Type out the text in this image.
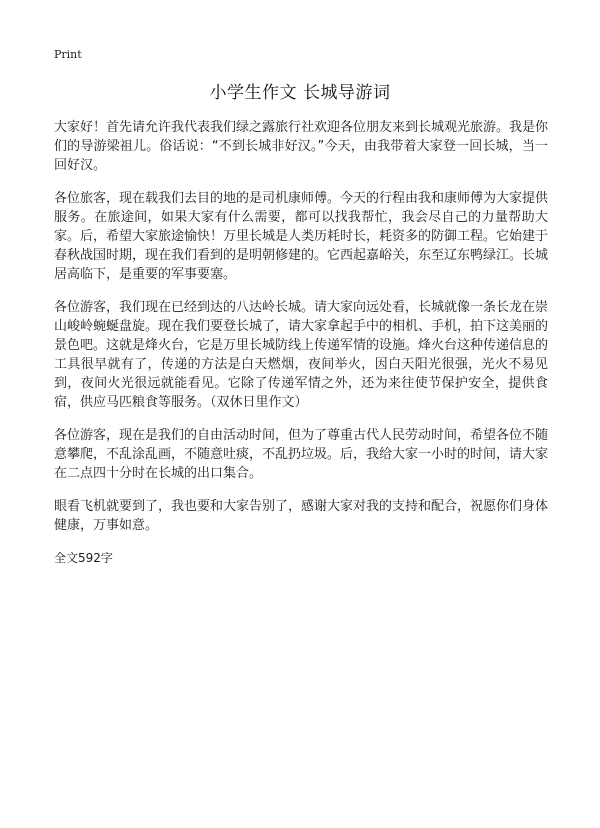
Print
小学生作文 长城导游词

大家好！首先请允许我代表我们绿之露旅行社欢迎各位朋友来到长城观光旅游。我是你们的导游梁祖儿。俗话说：“不到长城非好汉。”今天，由我带着大家登一回长城，当一回好汉。

各位旅客，现在载我们去目的地的是司机康师傅。今天的行程由我和康师傅为大家提供服务。在旅途间，如果大家有什么需要，都可以找我帮忙，我会尽自己的力量帮助大家。后，希望大家旅途愉快！万里长城是人类历耗时长，耗资多的防御工程。它始建于春秋战国时期，现在我们看到的是明朝修建的。它西起嘉峪关，东至辽东鸭绿江。长城居高临下，是重要的军事要塞。

各位游客，我们现在已经到达的八达岭长城。请大家向远处看，长城就像一条长龙在崇山峻岭蜿蜒盘旋。现在我们要登长城了，请大家拿起手中的相机、手机，拍下这美丽的景色吧。这就是烽火台，它是万里长城防线上传递军情的设施。烽火台这种传递信息的工具很早就有了，传递的方法是白天燃烟，夜间举火，因白天阳光很强，光火不易见到，夜间火光很远就能看见。它除了传递军情之外，还为来往使节保护安全，提供食宿，供应马匹粮食等服务。（双休日里作文）

各位游客，现在是我们的自由活动时间，但为了尊重古代人民劳动时间，希望各位不随意攀爬，不乱涂乱画，不随意吐痰，不乱扔垃圾。后，我给大家一小时的时间，请大家在二点四十分时在长城的出口集合。

眼看飞机就要到了，我也要和大家告别了，感谢大家对我的支持和配合，祝愿你们身体健康，万事如意。

全文592字
